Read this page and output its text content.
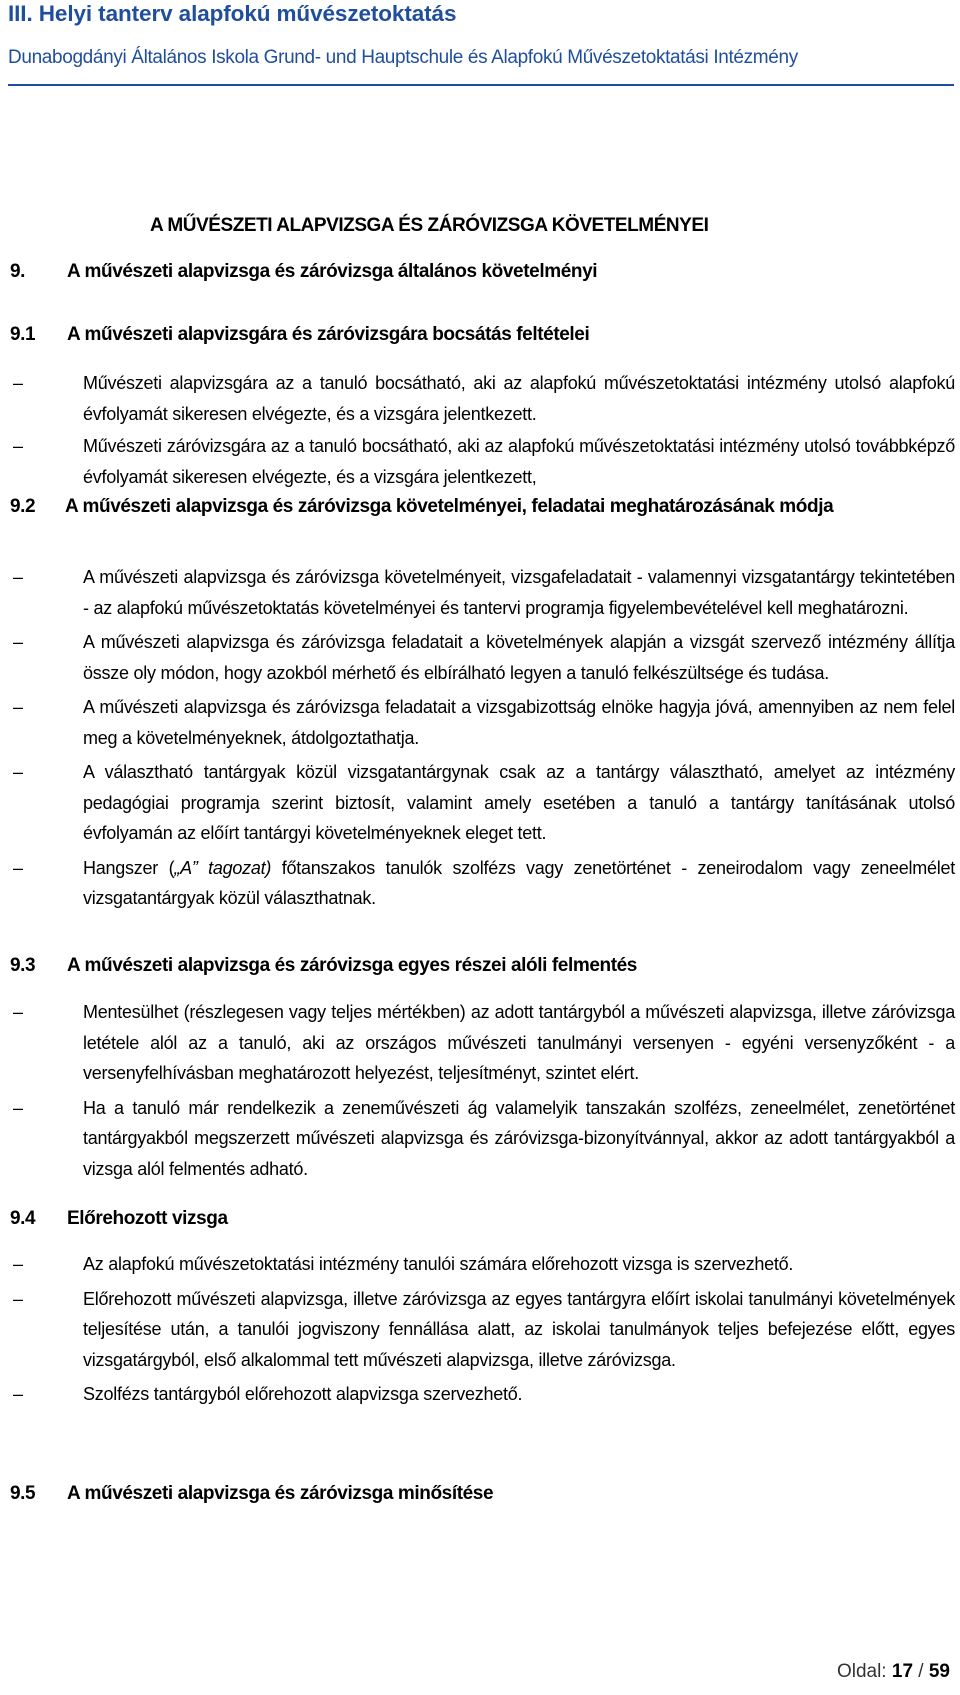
III. Helyi tanterv alapfokú művészetoktatás
Dunabogdányi Általános Iskola Grund- und Hauptschule és Alapfokú Művészetoktatási Intézmény
A MŰVÉSZETI ALAPVIZSGA ÉS ZÁRÓVIZSGA KÖVETELMÉNYEI
9. A művészeti alapvizsga és záróvizsga általános követelményi
9.1 A művészeti alapvizsgára és záróvizsgára bocsátás feltételei
– Művészeti alapvizsgára az a tanuló bocsátható, aki az alapfokú művészetoktatási intézmény utolsó alapfokú évfolyamát sikeresen elvégezte, és a vizsgára jelentkezett.
– Művészeti záróvizsgára az a tanuló bocsátható, aki az alapfokú művészetoktatási intézmény utolsó továbbképző évfolyamát sikeresen elvégezte, és a vizsgára jelentkezett,
9.2 A művészeti alapvizsga és záróvizsga követelményei, feladatai meghatározásának módja
– A művészeti alapvizsga és záróvizsga követelményeit, vizsgafeladatait - valamennyi vizsgatantárgy tekintetében - az alapfokú művészetoktatás követelményei és tantervi programja figyelembevételével kell meghatározni.
– A művészeti alapvizsga és záróvizsga feladatait a követelmények alapján a vizsgát szervező intézmény állítja össze oly módon, hogy azokból mérhető és elbírálható legyen a tanuló felkészültsége és tudása.
– A művészeti alapvizsga és záróvizsga feladatait a vizsgabizottság elnöke hagyja jóvá, amennyiben az nem felel meg a követelményeknek, átdolgoztathatja.
– A választható tantárgyak közül vizsgatantárgynak csak az a tantárgy választható, amelyet az intézmény pedagógiai programja szerint biztosít, valamint amely esetében a tanuló a tantárgy tanításának utolsó évfolyamán az előírt tantárgyi követelményeknek eleget tett.
– Hangszer („A” tagozat) főtanszakos tanulók szolfézs vagy zenetörténet - zeneirodalom vagy zeneelmélet vizsgatantárgyak közül választhatnak.
9.3 A művészeti alapvizsga és záróvizsga egyes részei alóli felmentés
– Mentesülhet (részlegesen vagy teljes mértékben) az adott tantárgyból a művészeti alapvizsga, illetve záróvizsga letétele alól az a tanuló, aki az országos művészeti tanulmányi versenyen - egyéni versenyzőként - a versenyfelhívásban meghatározott helyezést, teljesítményt, szintet elért.
– Ha a tanuló már rendelkezik a zeneművészeti ág valamelyik tanszakán szolfézs, zeneelmélet, zenetörténet tantárgyakból megszerzett művészeti alapvizsga és záróvizsga-bizonyítvánnyal, akkor az adott tantárgyakból a vizsga alól felmentés adható.
9.4 Előrehozott vizsga
– Az alapfokú művészetoktatási intézmény tanulói számára előrehozott vizsga is szervezhető.
– Előrehozott művészeti alapvizsga, illetve záróvizsga az egyes tantárgyra előírt iskolai tanulmányi követelmények teljesítése után, a tanulói jogviszony fennállása alatt, az iskolai tanulmányok teljes befejezése előtt, egyes vizsgatárgyból, első alkalommal tett művészeti alapvizsga, illetve záróvizsga.
– Szolfézs tantárgyból előrehozott alapvizsga szervezhető.
9.5 A művészeti alapvizsga és záróvizsga minősítése
Oldal: 17 / 59
